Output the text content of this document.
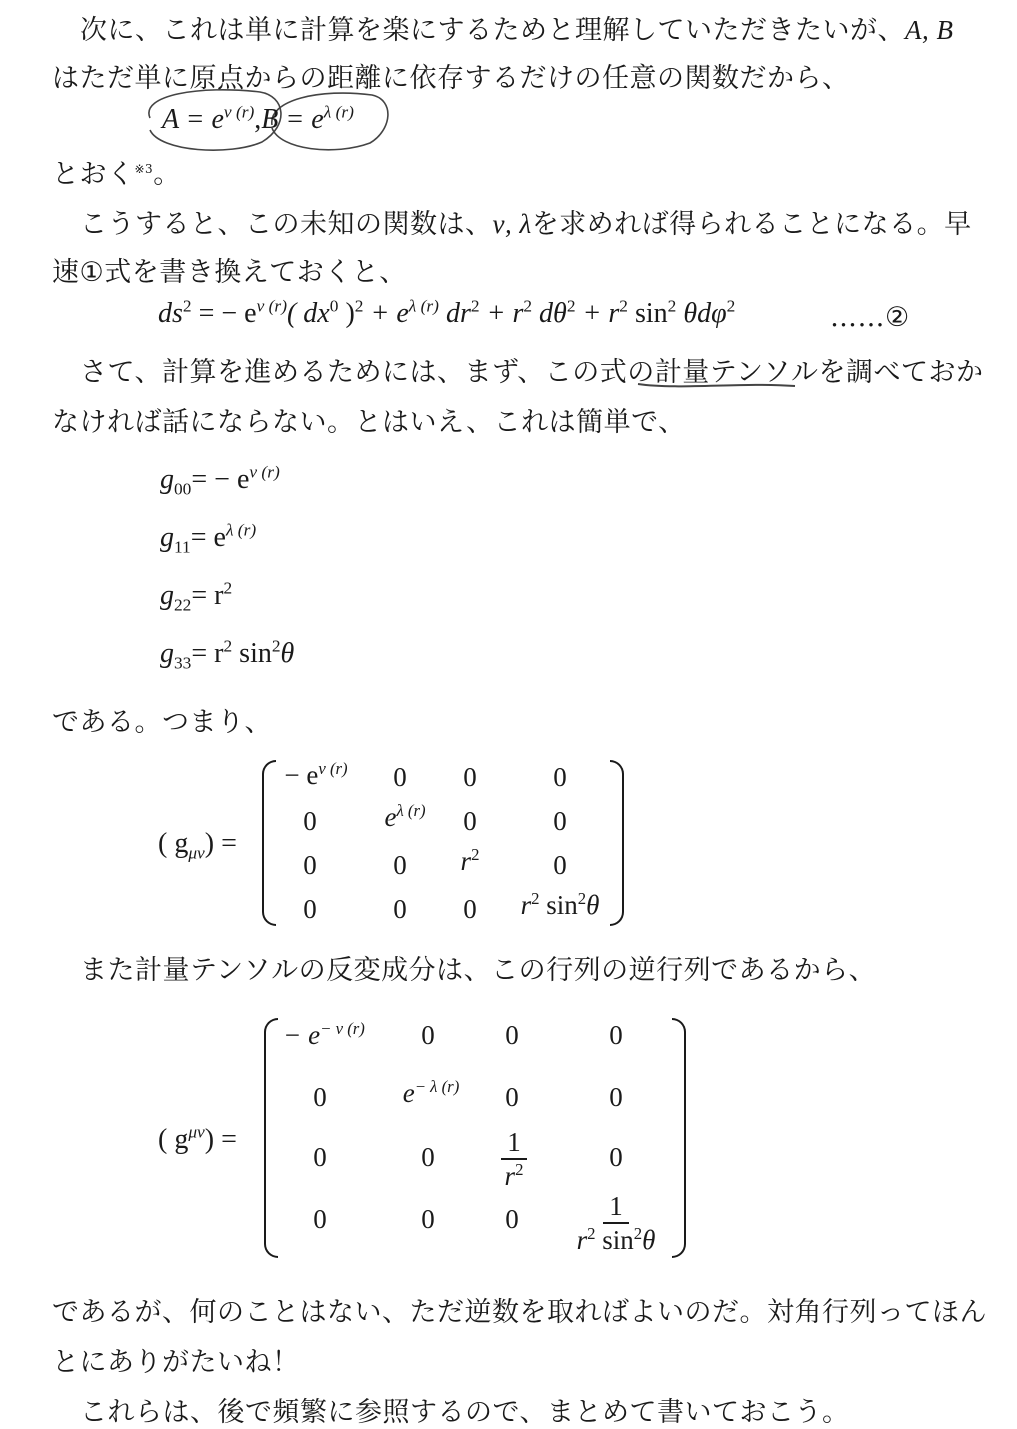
次に、これは単に計算を楽にするためと理解していただきたいが、A, B
はただ単に原点からの距離に依存するだけの任意の関数だから、
$A = e^{\nu (r)},B = e^{\lambda (r)}$
とおく$^{※3}$。
こうすると、この未知の関数は、ν, λを求めれば得られることになる。早
速①式を書き換えておくと、
$ds^2$ = − $e^{\nu (r)}$( $dx^0$ )$^2 + e^{\lambda (r)}$ $dr^2 + r^2$ $d\theta^2 + r^2$ $\sin^2 \theta d\varphi^2$	……②
さて、計算を進めるためには、まず、この式の計量テンソルを調べておか
なければ話にならない。とはいえ、これは簡単で、
$g_{00}= - e^{\nu (r)}$
$g_{11}= e^{\lambda (r)}$
$g_{22}= r^2$
$g_{33}= r^2$ $\sin^2\theta$
である。つまり、
( $g_{\mu\nu}$) =
− $e^{\nu (r)}$	0	0	0
0	$e^{\lambda (r)}$	0	0
0	0	$r^2$	0
0	0	0	$r^2$ $\sin^2\theta$
また計量テンソルの反変成分は、この行列の逆行列であるから、
( $g^{\mu\nu}$) =
− $e^{- \nu (r)}$	0	0	0
0	$e^{- \lambda (r)}$	0	0
0	0	$\frac{1}{r^2}$	0
0	0	0	$\frac{1}{r^2 \sin^2\theta}$
であるが、何のことはない、ただ逆数を取ればよいのだ。対角行列ってほん
とにありがたいね！
これらは、後で頻繁に参照するので、まとめて書いておこう。
